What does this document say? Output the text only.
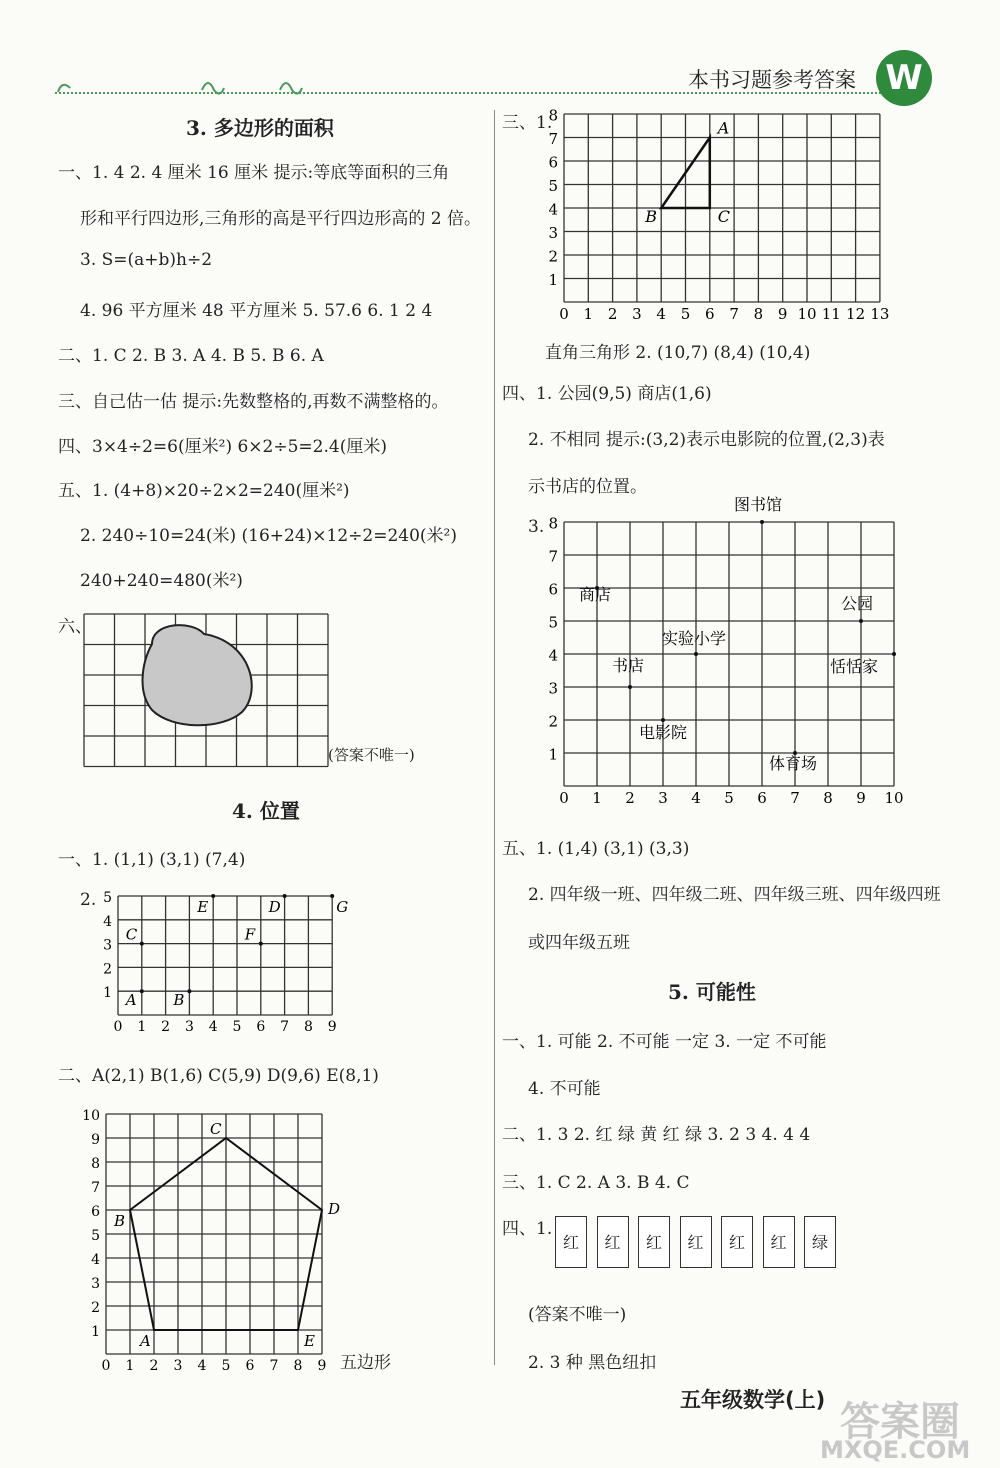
本书习题参考答案 W
3. 多边形的面积
一、1. 4 2. 4 厘米 16 厘米 提示:等底等面积的三角
形和平行四边形,三角形的高是平行四边形高的 2 倍。
3. S=(a+b)h÷2
4. 96 平方厘米 48 平方厘米 5. 57.6 6. 1 2 4
二、1. C 2. B 3. A 4. B 5. B 6. A
三、自己估一估 提示:先数整格的,再数不满整格的。
四、3×4÷2=6(厘米²) 6×2÷5=2.4(厘米)
五、1. (4+8)×20÷2×2=240(厘米²)
2. 240÷10=24(米) (16+24)×12÷2=240(米²)
240+240=480(米²)
六、
(答案不唯一)
4. 位置
一、1. (1,1) (3,1) (7,4)
2.
0 1 2 3 4 5 6 7 8 9
1
2
3
4
5
A B
C
E
F
D	G
二、A(2,1) B(1,6) C(5,9) D(9,6) E(8,1)
0 1 2 3 4 5 6 7 8 9
1
2
3
4
5
6
7
8
9
10
A
B
C
D
E
五边形
三、1.
0 1 2 3 4 5 6 7 8 9 10 11 12 13
1
2
3
4
5
6
7
8
A
B	C
直角三角形 2. (10,7) (8,4) (10,4)
四、1. 公园(9,5) 商店(1,6)
2. 不相同 提示:(3,2)表示电影院的位置,(2,3)表
示书店的位置。
3.
0 1 2 3 4 5 6 7 8 9 10
1
2
3
4
5
6
7
8
图书馆
商店	公园
实验小学
恬恬家
书店
电影院
体育场
五、1. (1,4) (3,1) (3,3)
2. 四年级一班、四年级二班、四年级三班、四年级四班
或四年级五班
5. 可能性
一、1. 可能 2. 不可能 一定 3. 一定 不可能
4. 不可能
二、1. 3 2. 红 绿 黄 红 绿 3. 2 3 4. 4 4
三、1. C 2. A 3. B 4. C
四、1.
红	红	红	红	红	红	绿
(答案不唯一)
2. 3 种 黑色纽扣
五年级数学(上) 答案圈
MXQE.COM
